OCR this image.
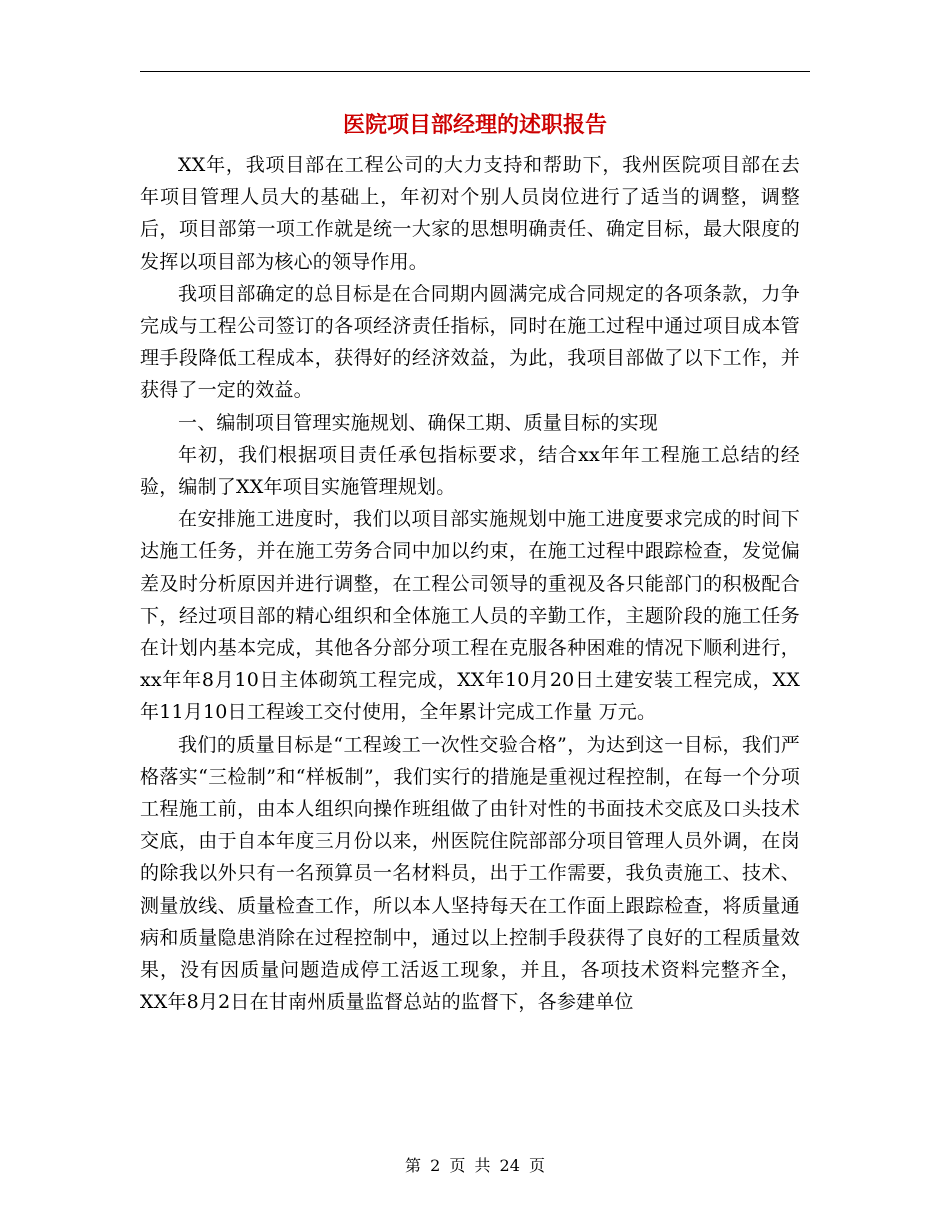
医院项目部经理的述职报告

XX年，我项目部在工程公司的大力支持和帮助下，我州医院项目部在去年项目管理人员大的基础上，年初对个别人员岗位进行了适当的调整，调整后，项目部第一项工作就是统一大家的思想明确责任、确定目标，最大限度的发挥以项目部为核心的领导作用。

我项目部确定的总目标是在合同期内圆满完成合同规定的各项条款，力争完成与工程公司签订的各项经济责任指标，同时在施工过程中通过项目成本管理手段降低工程成本，获得好的经济效益，为此，我项目部做了以下工作，并获得了一定的效益。

一、编制项目管理实施规划、确保工期、质量目标的实现

年初，我们根据项目责任承包指标要求，结合xx年年工程施工总结的经验，编制了XX年项目实施管理规划。

在安排施工进度时，我们以项目部实施规划中施工进度要求完成的时间下达施工任务，并在施工劳务合同中加以约束，在施工过程中跟踪检查，发觉偏差及时分析原因并进行调整，在工程公司领导的重视及各只能部门的积极配合下，经过项目部的精心组织和全体施工人员的辛勤工作，主题阶段的施工任务在计划内基本完成，其他各分部分项工程在克服各种困难的情况下顺利进行，xx年年8月10日主体砌筑工程完成，XX年10月20日土建安装工程完成，XX年11月10日工程竣工交付使用，全年累计完成工作量 万元。

我们的质量目标是“工程竣工一次性交验合格”，为达到这一目标，我们严格落实“三检制”和“样板制”，我们实行的措施是重视过程控制，在每一个分项工程施工前，由本人组织向操作班组做了由针对性的书面技术交底及口头技术交底，由于自本年度三月份以来，州医院住院部部分项目管理人员外调，在岗的除我以外只有一名预算员一名材料员，出于工作需要，我负责施工、技术、测量放线、质量检查工作，所以本人坚持每天在工作面上跟踪检查，将质量通病和质量隐患消除在过程控制中，通过以上控制手段获得了良好的工程质量效果，没有因质量问题造成停工活返工现象，并且，各项技术资料完整齐全，XX年8月2日在甘南州质量监督总站的监督下，各参建单位

第 2 页 共 24 页
